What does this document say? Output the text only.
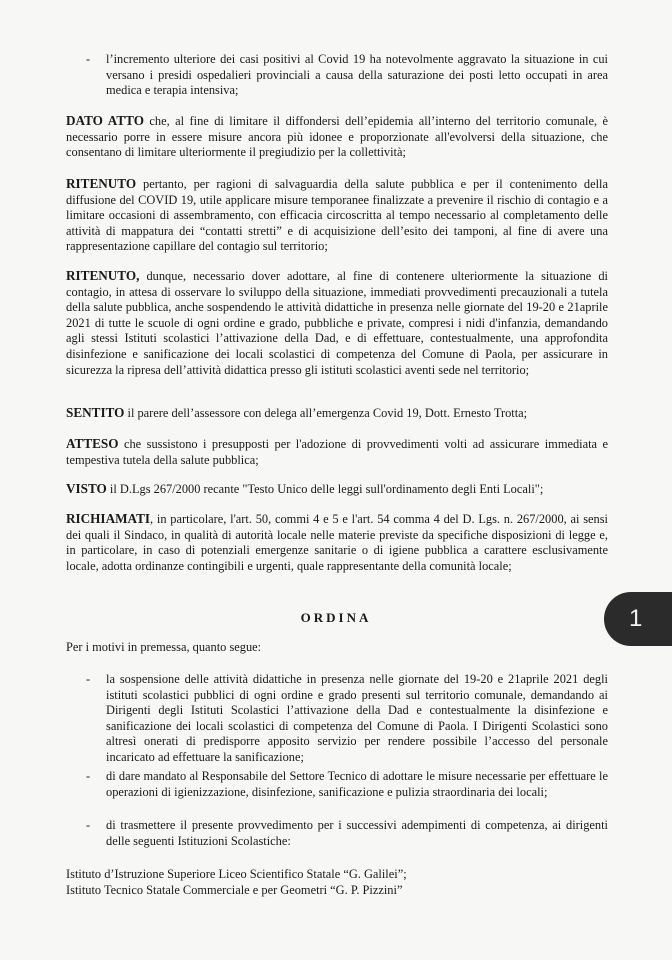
- l’incremento ulteriore dei casi positivi al Covid 19 ha notevolmente aggravato la situazione in cui versano i presidi ospedalieri provinciali a causa della saturazione dei posti letto occupati in area medica e terapia intensiva;

DATO ATTO che, al fine di limitare il diffondersi dell’epidemia all’interno del territorio comunale, è necessario porre in essere misure ancora più idonee e proporzionate all'evolversi della situazione, che consentano di limitare ulteriormente il pregiudizio per la collettività;

RITENUTO pertanto, per ragioni di salvaguardia della salute pubblica e per il contenimento della diffusione del COVID 19, utile applicare misure temporanee finalizzate a prevenire il rischio di contagio e a limitare occasioni di assembramento, con efficacia circoscritta al tempo necessario al completamento delle attività di mappatura dei “contatti stretti” e di acquisizione dell’esito dei tamponi, al fine di avere una rappresentazione capillare del contagio sul territorio;

RITENUTO, dunque, necessario dover adottare, al fine di contenere ulteriormente la situazione di contagio, in attesa di osservare lo sviluppo della situazione, immediati provvedimenti precauzionali a tutela della salute pubblica, anche sospendendo le attività didattiche in presenza nelle giornate del 19-20 e 21aprile 2021 di tutte le scuole di ogni ordine e grado, pubbliche e private, compresi i nidi d'infanzia, demandando agli stessi Istituti scolastici l’attivazione della Dad, e di effettuare, contestualmente, una approfondita disinfezione e sanificazione dei locali scolastici di competenza del Comune di Paola, per assicurare in sicurezza la ripresa dell’attività didattica presso gli istituti scolastici aventi sede nel territorio;

SENTITO il parere dell’assessore con delega all’emergenza Covid 19, Dott. Ernesto Trotta;

ATTESO che sussistono i presupposti per l'adozione di provvedimenti volti ad assicurare immediata e tempestiva tutela della salute pubblica;

VISTO il D.Lgs 267/2000 recante "Testo Unico delle leggi sull'ordinamento degli Enti Locali";

RICHIAMATI, in particolare, l'art. 50, commi 4 e 5 e l'art. 54 comma 4 del D. Lgs. n. 267/2000, ai sensi dei quali il Sindaco, in qualità di autorità locale nelle materie previste da specifiche disposizioni di legge e, in particolare, in caso di potenziali emergenze sanitarie o di igiene pubblica a carattere esclusivamente locale, adotta ordinanze contingibili e urgenti, quale rappresentante della comunità locale;

ORDINA	1

Per i motivi in premessa, quanto segue:

- la sospensione delle attività didattiche in presenza nelle giornate del 19-20 e 21aprile 2021 degli istituti scolastici pubblici di ogni ordine e grado presenti sul territorio comunale, demandando ai Dirigenti degli Istituti Scolastici l’attivazione della Dad e contestualmente la disinfezione e sanificazione dei locali scolastici di competenza del Comune di Paola. I Dirigenti Scolastici sono altresì onerati di predisporre apposito servizio per rendere possibile l’accesso del personale incaricato ad effettuare la sanificazione;
- di dare mandato al Responsabile del Settore Tecnico di adottare le misure necessarie per effettuare le operazioni di igienizzazione, disinfezione, sanificazione e pulizia straordinaria dei locali;
- di trasmettere il presente provvedimento per i successivi adempimenti di competenza, ai dirigenti delle seguenti Istituzioni Scolastiche:

Istituto d’Istruzione Superiore Liceo Scientifico Statale “G. Galilei”;

Istituto Tecnico Statale Commerciale e per Geometri “G. P. Pizzini”
